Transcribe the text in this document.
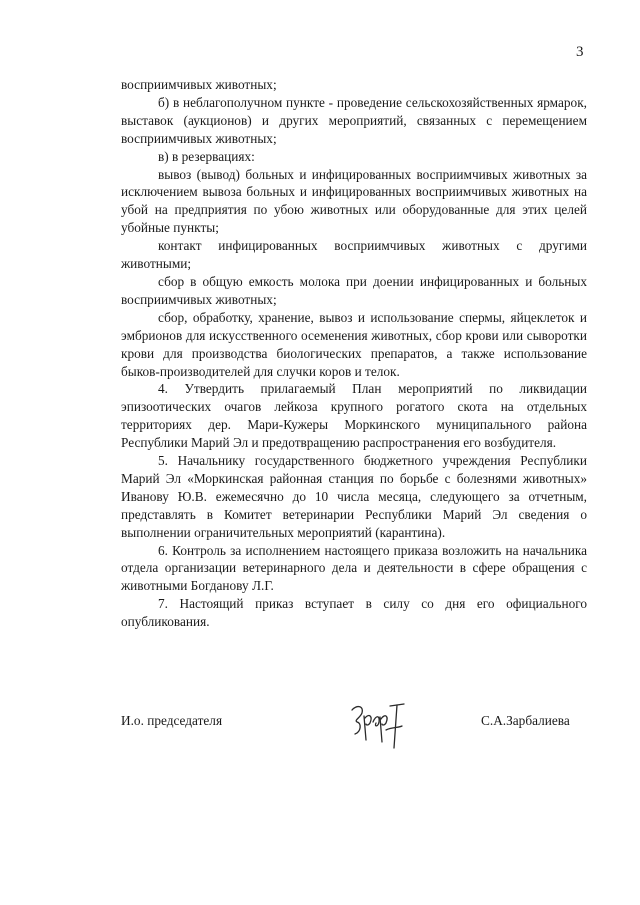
3

восприимчивых животных;

б) в неблагополучном пункте - проведение сельскохозяйственных ярмарок, выставок (аукционов) и других мероприятий, связанных с перемещением восприимчивых животных;

в) в резервациях:

вывоз (вывод) больных и инфицированных восприимчивых животных за исключением вывоза больных и инфицированных восприимчивых животных на убой на предприятия по убою животных или оборудованные для этих целей убойные пункты;

контакт инфицированных восприимчивых животных с другими животными;

сбор в общую емкость молока при доении инфицированных и больных восприимчивых животных;

сбор, обработку, хранение, вывоз и использование спермы, яйцеклеток и эмбрионов для искусственного осеменения животных, сбор крови или сыворотки крови для производства биологических препаратов, а также использование быков-производителей для случки коров и телок.

4. Утвердить прилагаемый План мероприятий по ликвидации эпизоотических очагов лейкоза крупного рогатого скота на отдельных территориях дер. Мари-Кужеры Моркинского муниципального района Республики Марий Эл и предотвращению распространения его возбудителя.

5. Начальнику государственного бюджетного учреждения Республики Марий Эл «Моркинская районная станция по борьбе с болезнями животных» Иванову Ю.В. ежемесячно до 10 числа месяца, следующего за отчетным, представлять в Комитет ветеринарии Республики Марий Эл сведения о выполнении ограничительных мероприятий (карантина).

6. Контроль за исполнением настоящего приказа возложить на начальника отдела организации ветеринарного дела и деятельности в сфере обращения с животными Богданову Л.Г.

7. Настоящий приказ вступает в силу со дня его официального опубликования.

И.о. председателя	С.А.Зарбалиева
